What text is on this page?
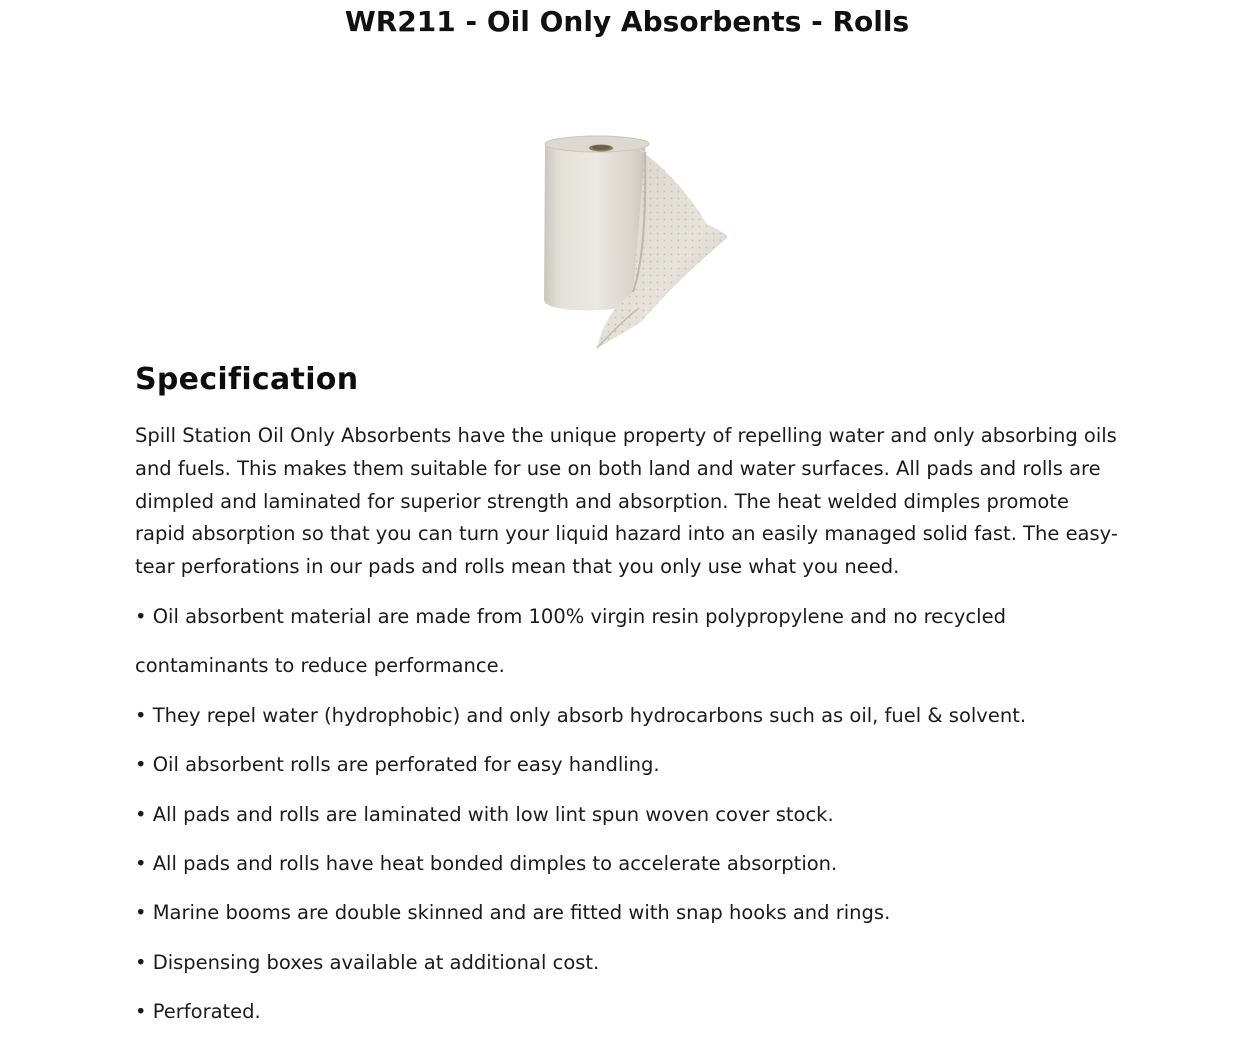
WR211 - Oil Only Absorbents - Rolls
Specification

Spill Station Oil Only Absorbents have the unique property of repelling water and only absorbing oils and fuels. This makes them suitable for use on both land and water surfaces. All pads and rolls are dimpled and laminated for superior strength and absorption. The heat welded dimples promote rapid absorption so that you can turn your liquid hazard into an easily managed solid fast. The easy-tear perforations in our pads and rolls mean that you only use what you need.

• Oil absorbent material are made from 100% virgin resin polypropylene and no recycled

contaminants to reduce performance.

• They repel water (hydrophobic) and only absorb hydrocarbons such as oil, fuel & solvent.

• Oil absorbent rolls are perforated for easy handling.

• All pads and rolls are laminated with low lint spun woven cover stock.

• All pads and rolls have heat bonded dimples to accelerate absorption.

• Marine booms are double skinned and are fitted with snap hooks and rings.

• Dispensing boxes available at additional cost.

• Perforated.
